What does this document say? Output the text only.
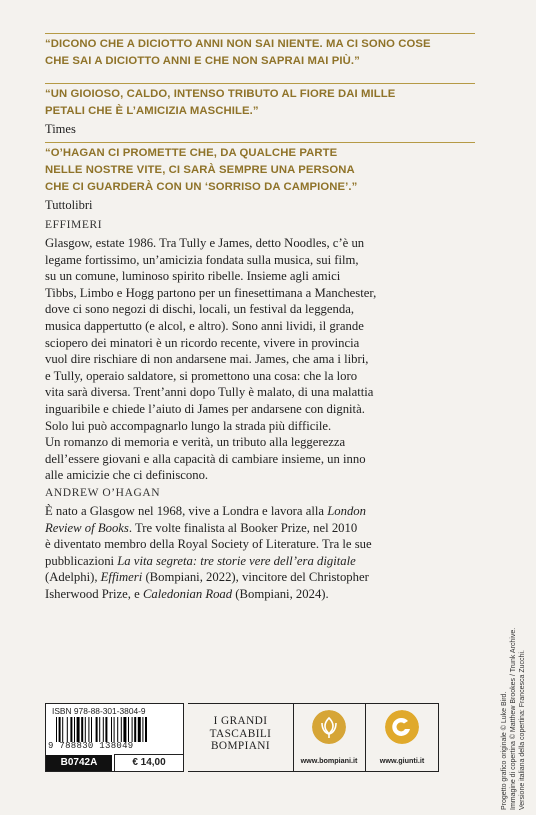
“DICONO CHE A DICIOTTO ANNI NON SAI NIENTE. MA CI SONO COSE
CHE SAI A DICIOTTO ANNI E CHE NON SAPRAI MAI PIÙ.”
“UN GIOIOSO, CALDO, INTENSO TRIBUTO AL FIORE DAI MILLE
PETALI CHE È L’AMICIZIA MASCHILE.”
Times
“O’HAGAN CI PROMETTE CHE, DA QUALCHE PARTE
NELLE NOSTRE VITE, CI SARÀ SEMPRE UNA PERSONA
CHE CI GUARDERÀ CON UN ‘SORRISO DA CAMPIONE’.”
Tuttolibri
EFFIMERI
Glasgow, estate 1986. Tra Tully e James, detto Noodles, c’è un
legame fortissimo, un’amicizia fondata sulla musica, sui film,
su un comune, luminoso spirito ribelle. Insieme agli amici
Tibbs, Limbo e Hogg partono per un finesettimana a Manchester,
dove ci sono negozi di dischi, locali, un festival da leggenda,
musica dappertutto (e alcol, e altro). Sono anni lividi, il grande
sciopero dei minatori è un ricordo recente, vivere in provincia
vuol dire rischiare di non andarsene mai. James, che ama i libri,
e Tully, operaio saldatore, si promettono una cosa: che la loro
vita sarà diversa. Trent’anni dopo Tully è malato, di una malattia
inguaribile e chiede l’aiuto di James per andarsene con dignità.
Solo lui può accompagnarlo lungo la strada più difficile.
Un romanzo di memoria e verità, un tributo alla leggerezza
dell’essere giovani e alla capacità di cambiare insieme, un inno
alle amicizie che ci definiscono.
ANDREW O’HAGAN
È nato a Glasgow nel 1968, vive a Londra e lavora alla London
Review of Books. Tre volte finalista al Booker Prize, nel 2010
è diventato membro della Royal Society of Literature. Tra le sue
pubblicazioni La vita segreta: tre storie vere dell’era digitale
(Adelphi), Effimeri (Bompiani, 2022), vincitore del Christopher
Isherwood Prize, e Caledonian Road (Bompiani, 2024).
ISBN 978-88-301-3804-9
9 788830 138049
B0742A	€ 14,00
I GRANDI
TASCABILI
BOMPIANI
www.bompiani.it	www.giunti.it
Progetto grafico originale © Luke Bird.
Immagine di copertina © Matthew Brookes / Trunk Archive.
Versione italiana della copertina: Francesca Zucchi.
